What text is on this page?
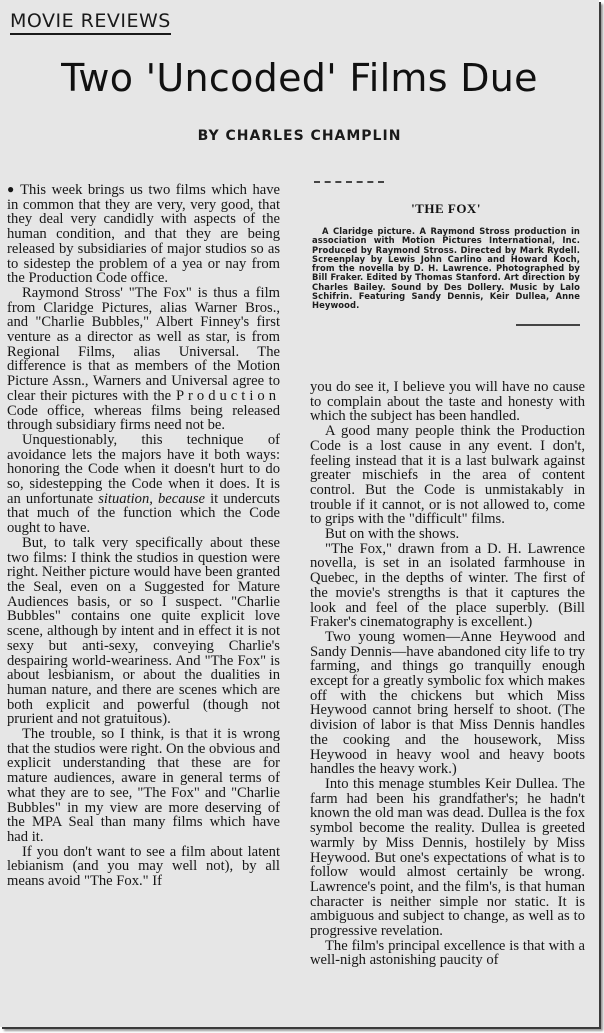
MOVIE REVIEWS
Two 'Uncoded' Films Due
BY CHARLES CHAMPLIN

● This week brings us two films which have in common that they are very, very good, that they deal very candidly with aspects of the human condition, and that they are being released by subsidiaries of major studios so as to sidestep the problem of a yea or nay from the Production Code office.

Raymond Stross' "The Fox" is thus a film from Claridge Pictures, alias Warner Bros., and "Charlie Bubbles," Albert Finney's first venture as a director as well as star, is from Regional Films, alias Universal. The difference is that as members of the Motion Picture Assn., Warners and Universal agree to clear their pictures with the Production Code office, whereas films being released through subsidiary firms need not be.

Unquestionably, this technique of avoidance lets the majors have it both ways: honoring the Code when it doesn't hurt to do so, sidestepping the Code when it does. It is an unfortunate situation, because it undercuts that much of the function which the Code ought to have.

But, to talk very specifically about these two films: I think the studios in question were right. Neither picture would have been granted the Seal, even on a Suggested for Mature Audiences basis, or so I suspect. "Charlie Bubbles" contains one quite explicit love scene, although by intent and in effect it is not sexy but anti-sexy, conveying Charlie's despairing world-weariness. And "The Fox" is about lesbianism, or about the dualities in human nature, and there are scenes which are both explicit and powerful (though not prurient and not gratuitous).

The trouble, so I think, is that it is wrong that the studios were right. On the obvious and explicit understanding that these are for mature audiences, aware in general terms of what they are to see, "The Fox" and "Charlie Bubbles" in my view are more deserving of the MPA Seal than many films which have had it.

If you don't want to see a film about latent lebianism (and you may well not), by all means avoid "The Fox." If

'THE FOX'
A Claridge picture. A Raymond Stross production in association with Motion Pictures International, Inc. Produced by Raymond Stross. Directed by Mark Rydell. Screenplay by Lewis John Carlino and Howard Koch, from the novella by D. H. Lawrence. Photographed by Bill Fraker. Edited by Thomas Stanford. Art direction by Charles Bailey. Sound by Des Dollery. Music by Lalo Schifrin. Featuring Sandy Dennis, Keir Dullea, Anne Heywood.

you do see it, I believe you will have no cause to complain about the taste and honesty with which the subject has been handled.

A good many people think the Production Code is a lost cause in any event. I don't, feeling instead that it is a last bulwark against greater mischiefs in the area of content control. But the Code is unmistakably in trouble if it cannot, or is not allowed to, come to grips with the "difficult" films.

But on with the shows.

"The Fox," drawn from a D. H. Lawrence novella, is set in an isolated farmhouse in Quebec, in the depths of winter. The first of the movie's strengths is that it captures the look and feel of the place superbly. (Bill Fraker's cinematography is excellent.)

Two young women—Anne Heywood and Sandy Dennis—have abandoned city life to try farming, and things go tranquilly enough except for a greatly symbolic fox which makes off with the chickens but which Miss Heywood cannot bring herself to shoot. (The division of labor is that Miss Dennis handles the cooking and the housework, Miss Heywood in heavy wool and heavy boots handles the heavy work.)

Into this menage stumbles Keir Dullea. The farm had been his grandfather's; he hadn't known the old man was dead. Dullea is the fox symbol become the reality. Dullea is greeted warmly by Miss Dennis, hostilely by Miss Heywood. But one's expectations of what is to follow would almost certainly be wrong. Lawrence's point, and the film's, is that human character is neither simple nor static. It is ambiguous and subject to change, as well as to progressive revelation.

The film's principal excellence is that with a well-nigh astonishing paucity of
